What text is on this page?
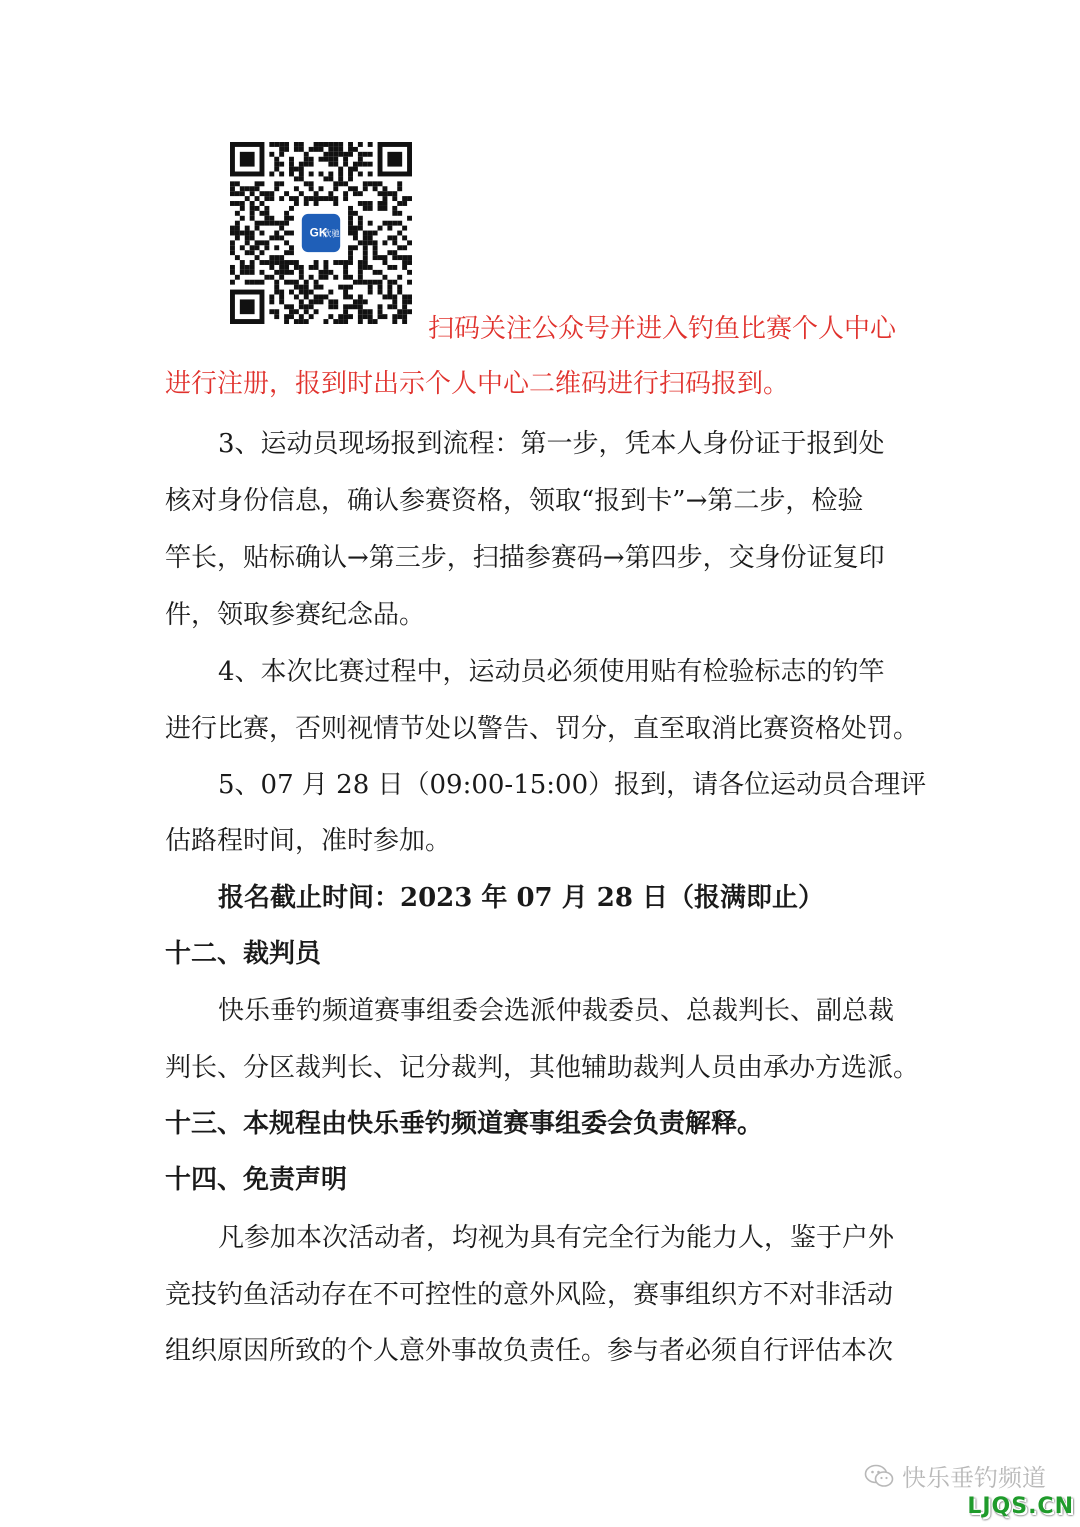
GK
欣驰
扫码关注公众号并进入钓鱼比赛个人中心
进行注册，报到时出示个人中心二维码进行扫码报到。
3、运动员现场报到流程：第一步，凭本人身份证于报到处
核对身份信息，确认参赛资格，领取“报到卡”→第二步，检验
竿长，贴标确认→第三步，扫描参赛码→第四步，交身份证复印
件，领取参赛纪念品。
4、本次比赛过程中，运动员必须使用贴有检验标志的钓竿
进行比赛，否则视情节处以警告、罚分，直至取消比赛资格处罚。
5、07 月 28 日（09:00-15:00）报到，请各位运动员合理评
估路程时间，准时参加。
报名截止时间：2023 年 07 月 28 日（报满即止）
十二、裁判员
快乐垂钓频道赛事组委会选派仲裁委员、总裁判长、副总裁
判长、分区裁判长、记分裁判，其他辅助裁判人员由承办方选派。
十三、本规程由快乐垂钓频道赛事组委会负责解释。
十四、免责声明
凡参加本次活动者，均视为具有完全行为能力人，鉴于户外
竞技钓鱼活动存在不可控性的意外风险，赛事组织方不对非活动
组织原因所致的个人意外事故负责任。参与者必须自行评估本次
快乐垂钓频道
LJQS.CN
